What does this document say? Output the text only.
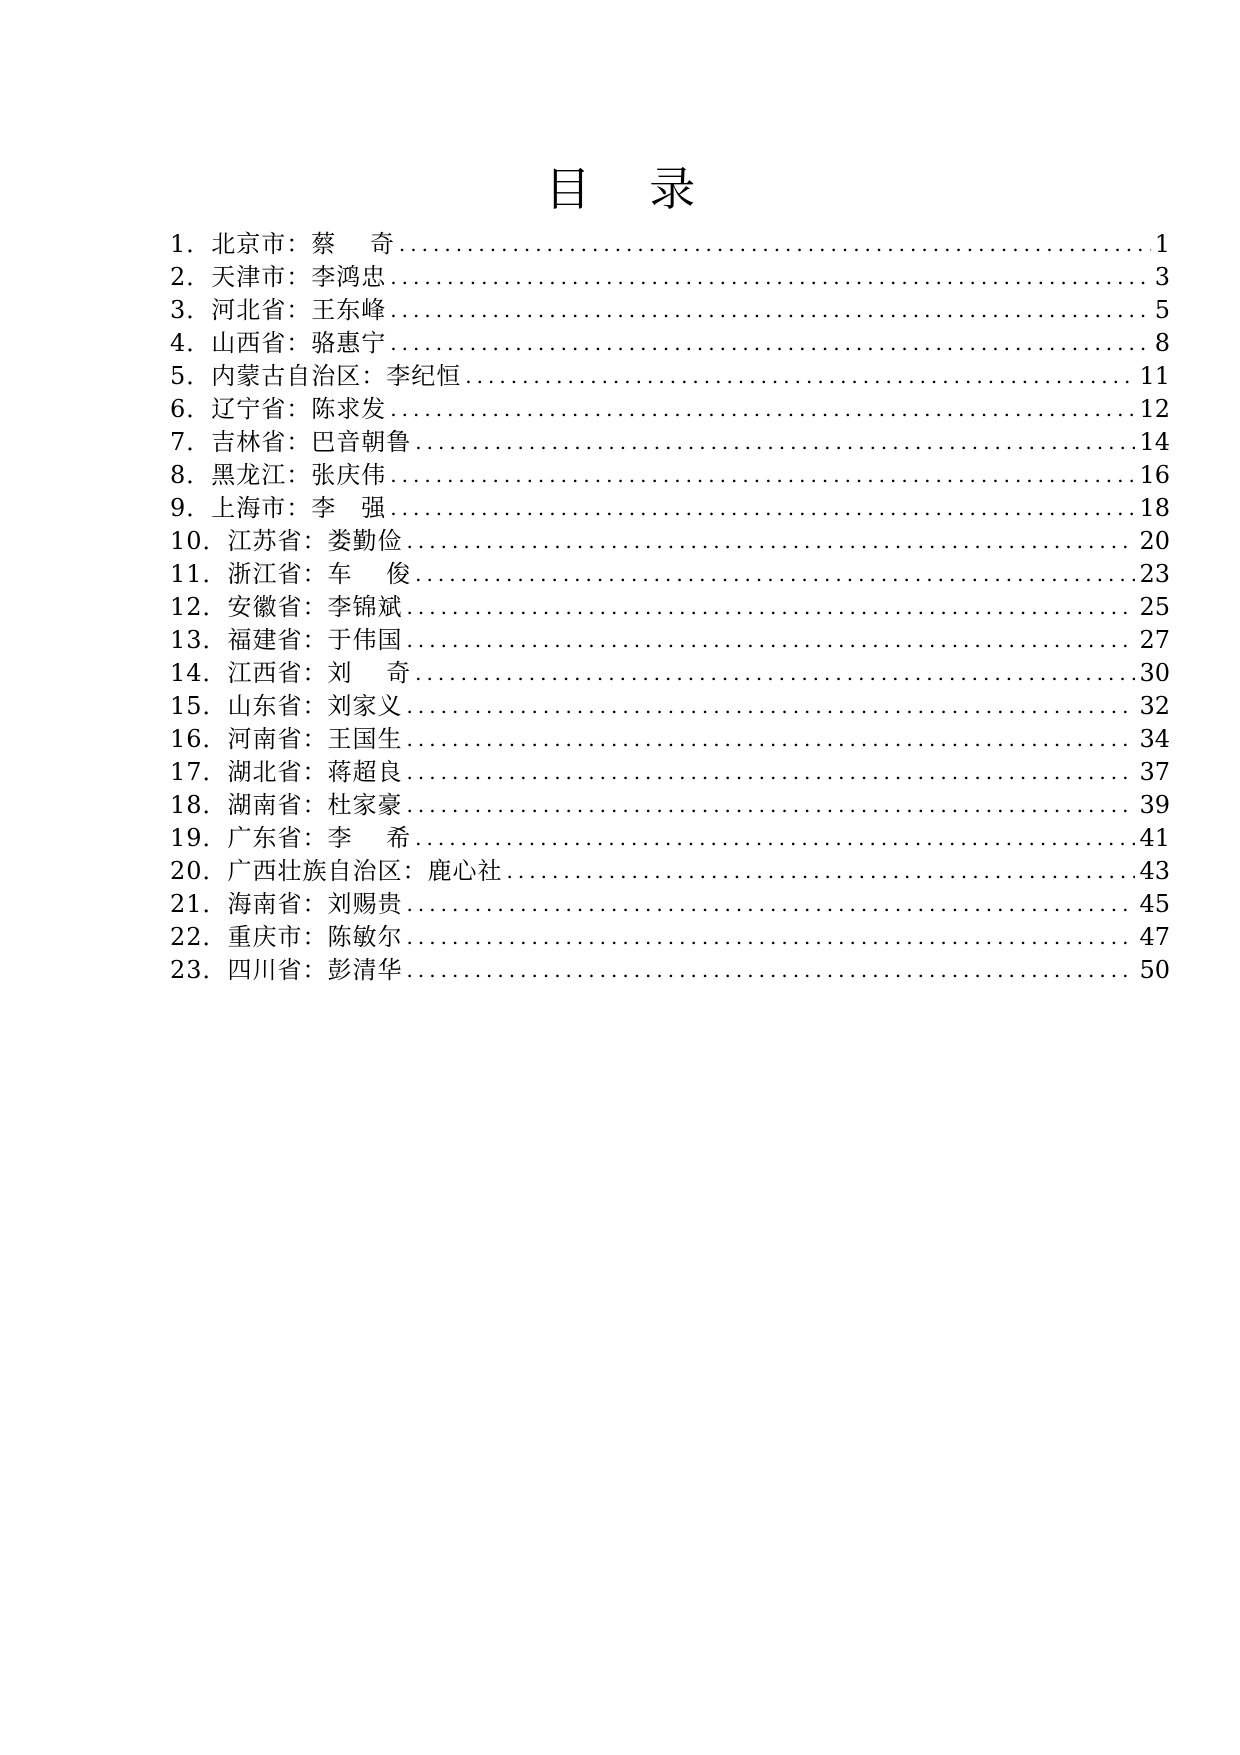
目 录
1．北京市：蔡　 奇 .....	1
2．天津市：李鸿忠 .....	3
3．河北省：王东峰 .....	5
4．山西省：骆惠宁 .....	8
5．内蒙古自治区：李纪恒 .....	11
6．辽宁省：陈求发 .....	12
7．吉林省：巴音朝鲁 .....	14
8．黑龙江：张庆伟 .....	16
9．上海市：李　强 .....	18
10．江苏省：娄勤俭 .....	20
11．浙江省：车　 俊 .....	23
12．安徽省：李锦斌 .....	25
13．福建省：于伟国 .....	27
14．江西省：刘　 奇 .....	30
15．山东省：刘家义 .....	32
16．河南省：王国生 .....	34
17．湖北省：蒋超良 .....	37
18．湖南省：杜家豪 .....	39
19．广东省：李　 希 .....	41
20．广西壮族自治区：鹿心社 .....	43
21．海南省：刘赐贵 .....	45
22．重庆市：陈敏尔 .....	47
23．四川省：彭清华 .....	50
